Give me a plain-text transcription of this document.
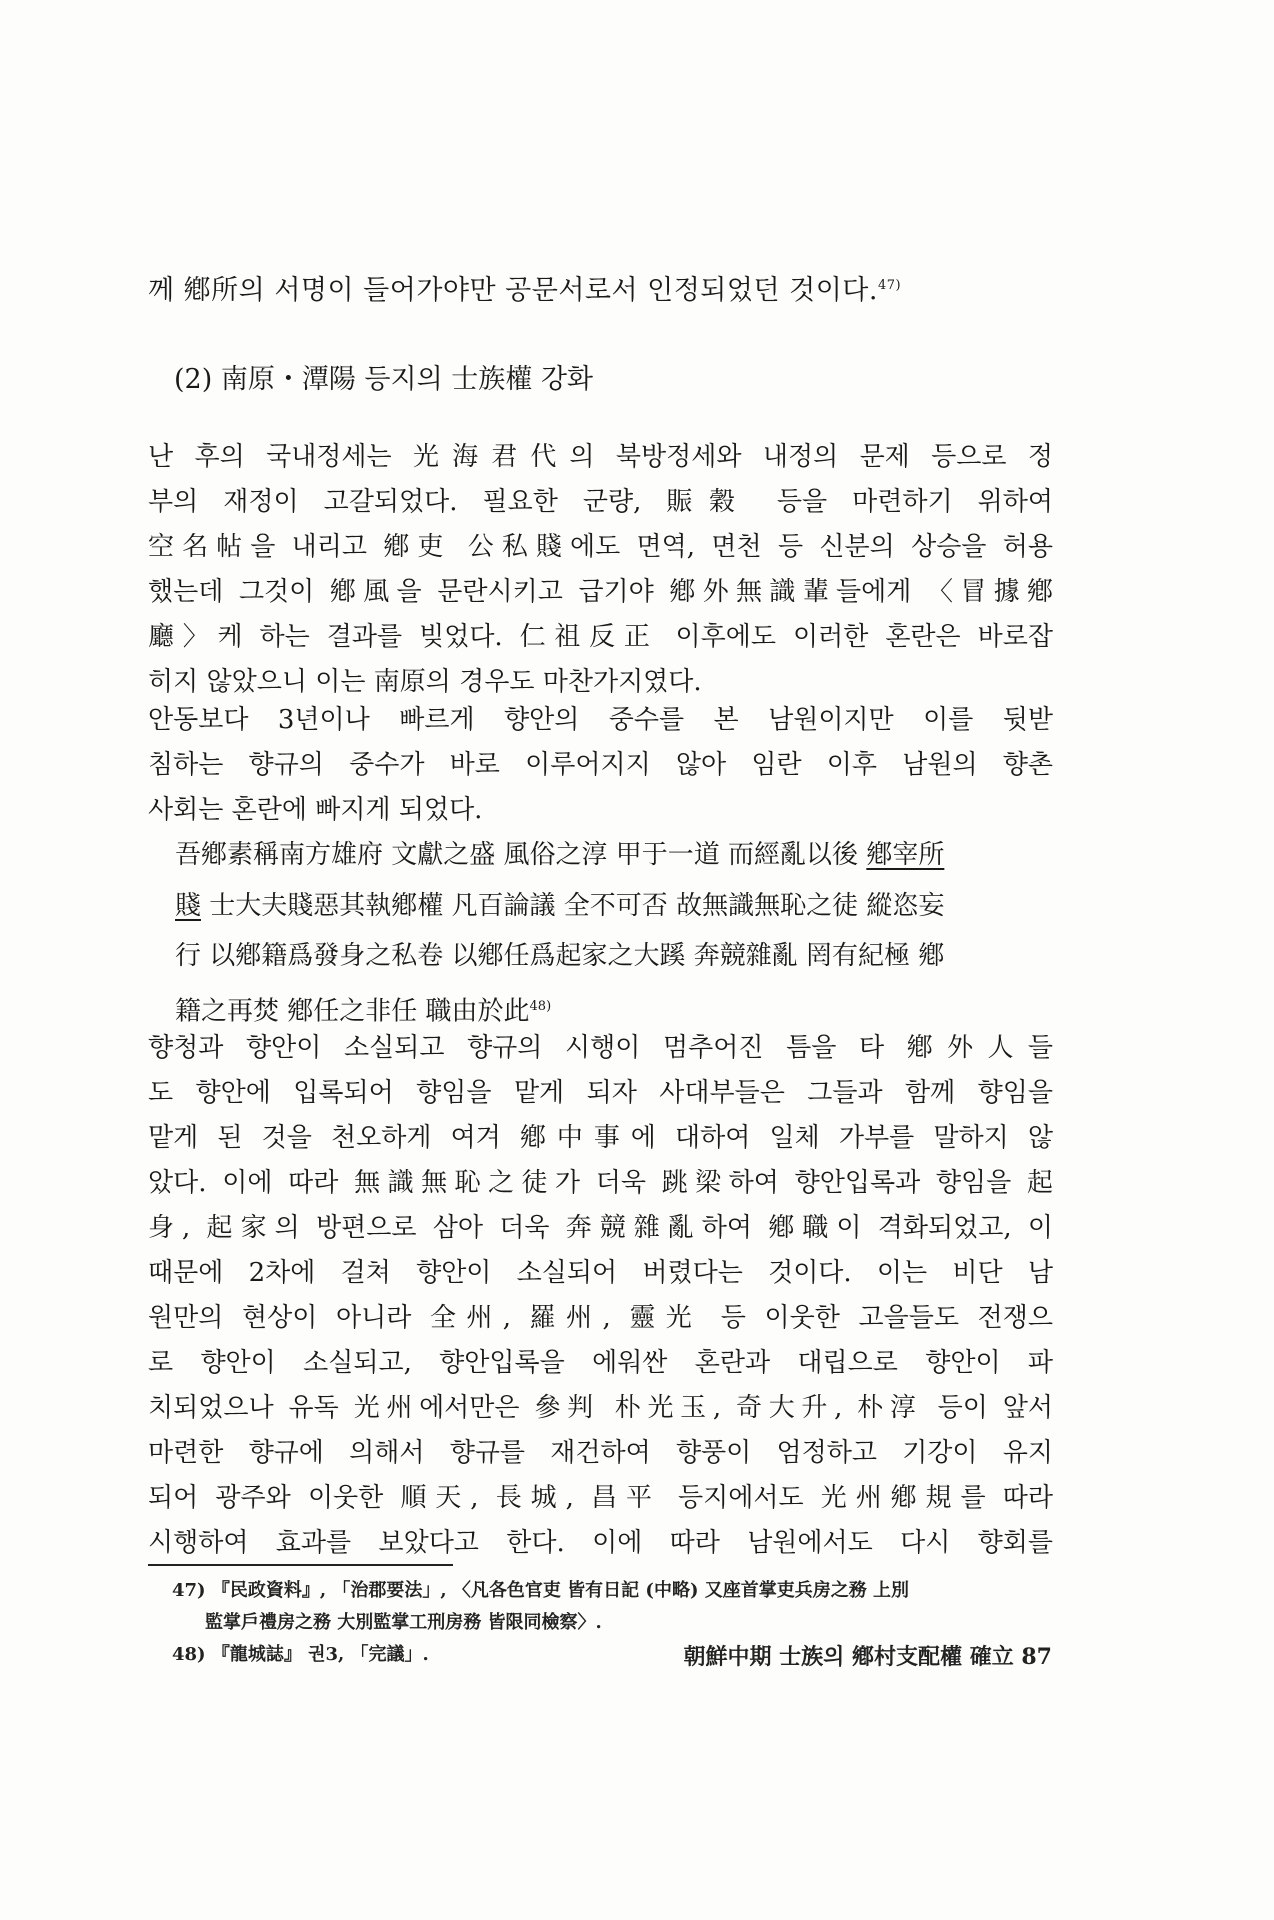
께 鄕所의 서명이 들어가야만 공문서로서 인정되었던 것이다.$^{47)}$
(2) 南原・潭陽 등지의 士族權 강화
난 후의 국내정세는 光海君代의 북방정세와 내정의 문제 등으로 정
부의 재정이 고갈되었다. 필요한 군량, 賑穀 등을 마련하기 위하여
空名帖을 내리고 鄕吏 公私賤에도 면역, 면천 등 신분의 상승을 허용
했는데 그것이 鄕風을 문란시키고 급기야 鄕外無識輩들에게 〈冒據鄕
廳〉케 하는 결과를 빚었다. 仁祖反正 이후에도 이러한 혼란은 바로잡
히지 않았으니 이는 南原의 경우도 마찬가지였다.
안동보다 3년이나 빠르게 향안의 중수를 본 남원이지만 이를 뒷받
침하는 향규의 중수가 바로 이루어지지 않아 임란 이후 남원의 향촌
사회는 혼란에 빠지게 되었다.
吾鄕素稱南方雄府 文獻之盛 風俗之淳 甲于一道 而經亂以後 鄕宰所
賤 士大夫賤惡其執鄕權 凡百論議 全不可否 故無識無恥之徒 縱恣妄
行 以鄕籍爲發身之私卷 以鄕任爲起家之大蹊 奔競雜亂 罔有紀極 鄕
籍之再焚 鄕任之非任 職由於此$^{48)}$
향청과 향안이 소실되고 향규의 시행이 멈추어진 틈을 타 鄕外人들
도 향안에 입록되어 향임을 맡게 되자 사대부들은 그들과 함께 향임을
맡게 된 것을 천오하게 여겨 鄕中事에 대하여 일체 가부를 말하지 않
았다. 이에 따라 無識無恥之徒가 더욱 跳梁하여 향안입록과 향임을 起
身, 起家의 방편으로 삼아 더욱 奔競雜亂하여 鄕職이 격화되었고, 이
때문에 2차에 걸쳐 향안이 소실되어 버렸다는 것이다. 이는 비단 남
원만의 현상이 아니라 全州, 羅州, 靈光 등 이웃한 고을들도 전쟁으
로 향안이 소실되고, 향안입록을 에워싼 혼란과 대립으로 향안이 파
치되었으나 유독 光州에서만은 參判 朴光玉, 奇大升, 朴淳 등이 앞서
마련한 향규에 의해서 향규를 재건하여 향풍이 엄정하고 기강이 유지
되어 광주와 이웃한 順天, 長城, 昌平 등지에서도 光州鄕規를 따라
시행하여 효과를 보았다고 한다. 이에 따라 남원에서도 다시 향회를
47) 『民政資料』, 「治郡要法」, 〈凡各色官吏 皆有日記 (中略) 又座首掌吏兵房之務 上別
監掌戶禮房之務 大別監掌工刑房務 皆限同檢察〉.
48) 『龍城誌』 권3, 「完議」.	朝鮮中期 士族의 鄕村支配權 確立 87
